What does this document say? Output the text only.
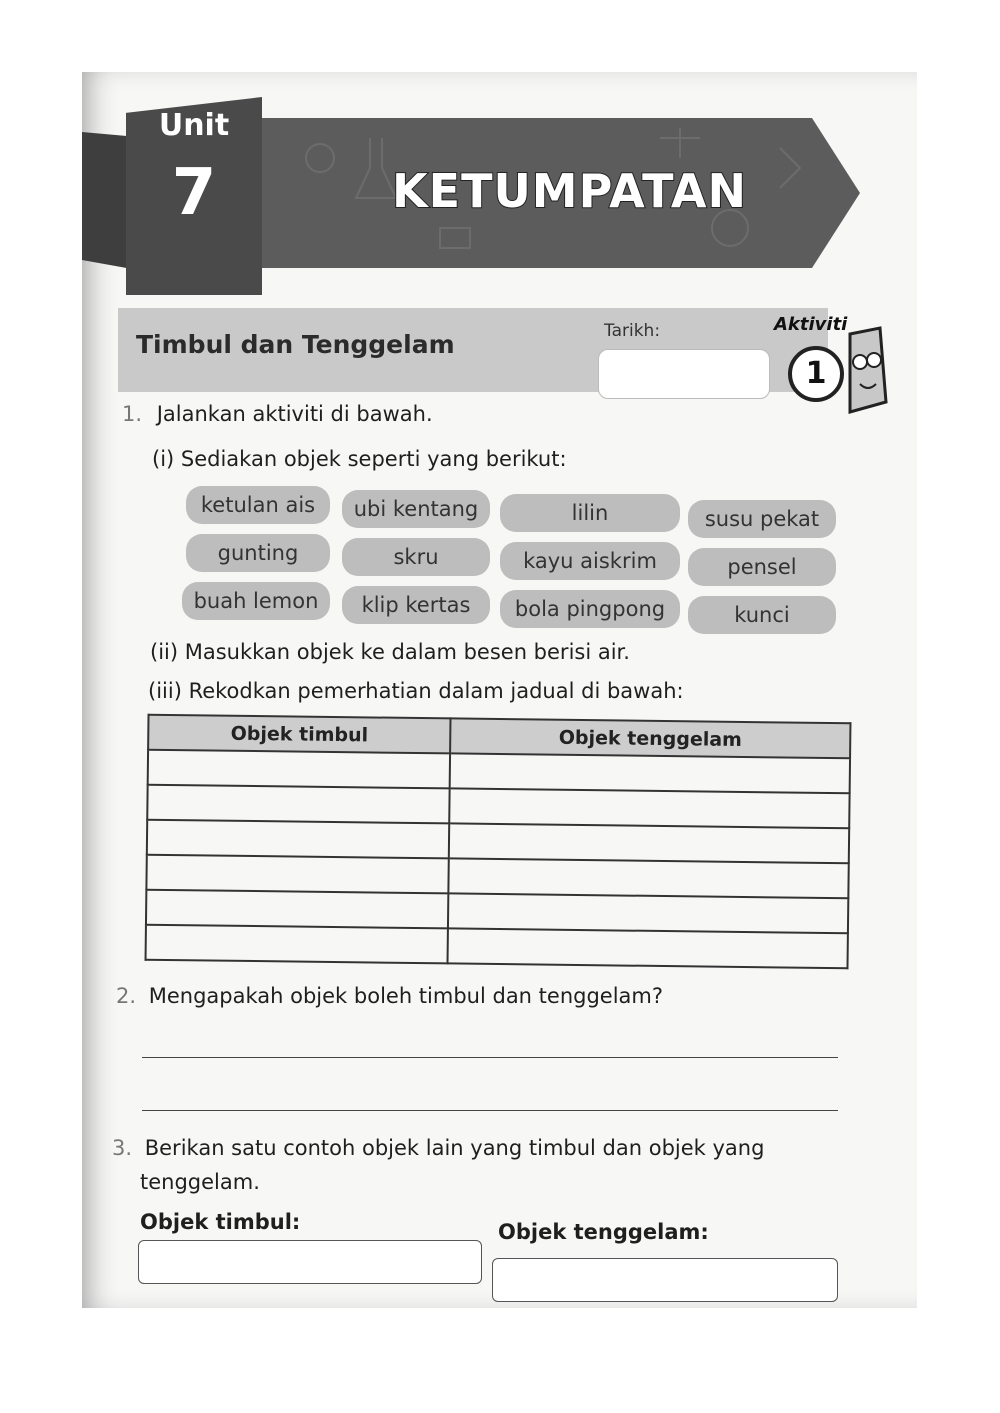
Unit
7	KETUMPATAN
Timbul dan Tenggelam	Tarikh:	Aktiviti
1
1. Jalankan aktiviti di bawah.
(i) Sediakan objek seperti yang berikut:
ketulan ais	ubi kentang	lilin	susu pekat
gunting	skru	kayu aiskrim	pensel
buah lemon	klip kertas	bola pingpong	kunci
(ii) Masukkan objek ke dalam besen berisi air.
(iii) Rekodkan pemerhatian dalam jadual di bawah:
Objek timbul	Objek tenggelam

2. Mengapakah objek boleh timbul dan tenggelam?
3. Berikan satu contoh objek lain yang timbul dan objek yang
tenggelam.
Objek timbul:	Objek tenggelam:
